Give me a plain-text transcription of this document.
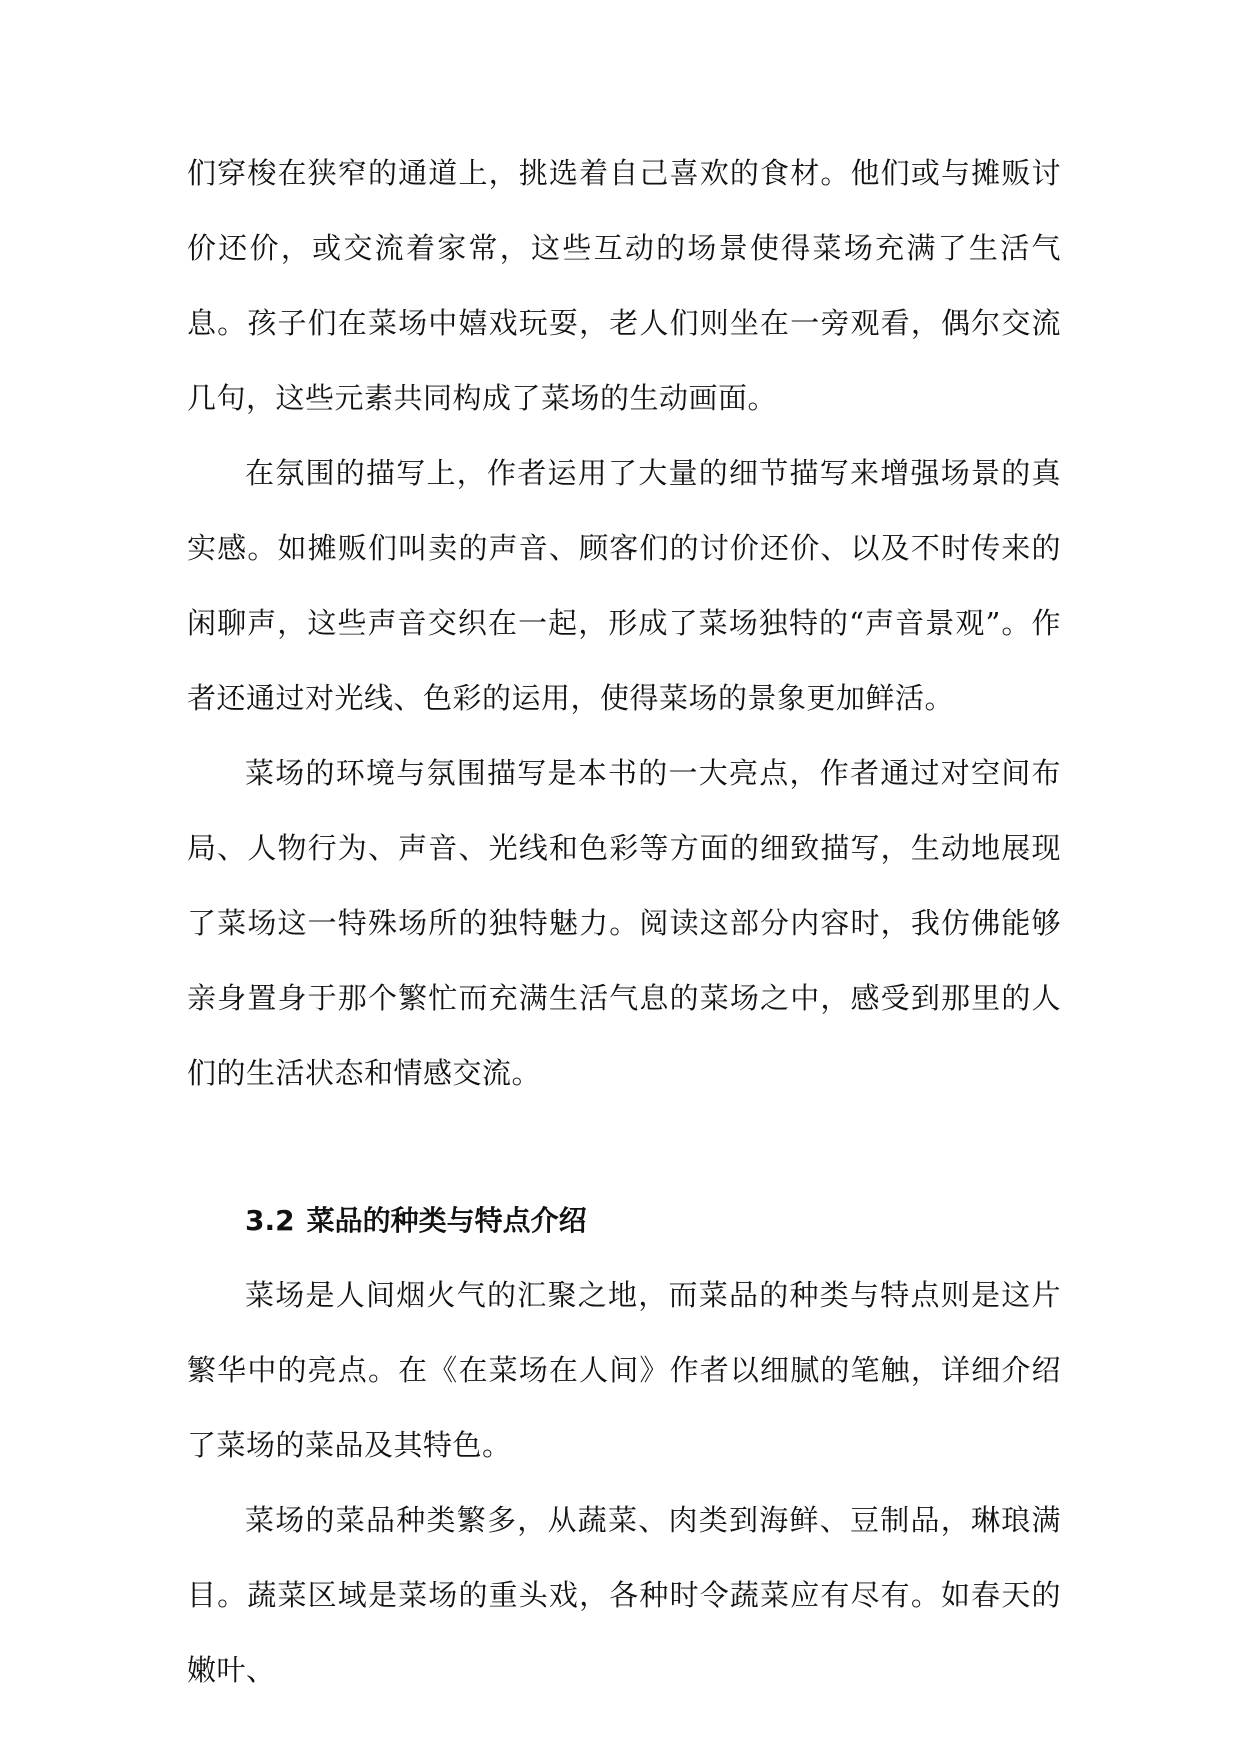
们穿梭在狭窄的通道上，挑选着自己喜欢的食材。他们或与摊贩讨价还价，或交流着家常，这些互动的场景使得菜场充满了生活气息。孩子们在菜场中嬉戏玩耍，老人们则坐在一旁观看，偶尔交流几句，这些元素共同构成了菜场的生动画面。

在氛围的描写上，作者运用了大量的细节描写来增强场景的真实感。如摊贩们叫卖的声音、顾客们的讨价还价、以及不时传来的闲聊声，这些声音交织在一起，形成了菜场独特的“声音景观”。作者还通过对光线、色彩的运用，使得菜场的景象更加鲜活。

菜场的环境与氛围描写是本书的一大亮点，作者通过对空间布局、人物行为、声音、光线和色彩等方面的细致描写，生动地展现了菜场这一特殊场所的独特魅力。阅读这部分内容时，我仿佛能够亲身置身于那个繁忙而充满生活气息的菜场之中，感受到那里的人们的生活状态和情感交流。

3.2 菜品的种类与特点介绍

菜场是人间烟火气的汇聚之地，而菜品的种类与特点则是这片繁华中的亮点。在《在菜场在人间》作者以细腻的笔触，详细介绍了菜场的菜品及其特色。

菜场的菜品种类繁多，从蔬菜、肉类到海鲜、豆制品，琳琅满目。蔬菜区域是菜场的重头戏，各种时令蔬菜应有尽有。如春天的嫩叶、
